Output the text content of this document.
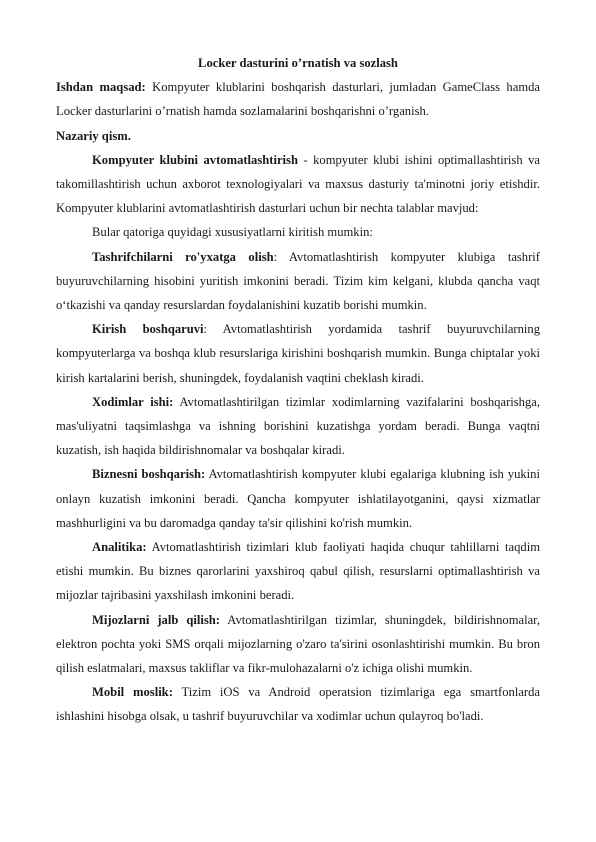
Locker dasturini o’rnatish va sozlash

Ishdan maqsad: Kompyuter klublarini boshqarish dasturlari, jumladan GameClass hamda Locker dasturlarini o’rnatish hamda sozlamalarini boshqarishni o’rganish.

Nazariy qism.

Kompyuter klubini avtomatlashtirish - kompyuter klubi ishini optimallashtirish va takomillashtirish uchun axborot texnologiyalari va maxsus dasturiy ta'minotni joriy etishdir. Kompyuter klublarini avtomatlashtirish dasturlari uchun bir nechta talablar mavjud:

Bular qatoriga quyidagi xususiyatlarni kiritish mumkin:

Tashrifchilarni ro'yxatga olish: Avtomatlashtirish kompyuter klubiga tashrif buyuruvchilarning hisobini yuritish imkonini beradi. Tizim kim kelgani, klubda qancha vaqt o‘tkazishi va qanday resurslardan foydalanishini kuzatib borishi mumkin.

Kirish boshqaruvi: Avtomatlashtirish yordamida tashrif buyuruvchilarning kompyuterlarga va boshqa klub resurslariga kirishini boshqarish mumkin. Bunga chiptalar yoki kirish kartalarini berish, shuningdek, foydalanish vaqtini cheklash kiradi.

Xodimlar ishi: Avtomatlashtirilgan tizimlar xodimlarning vazifalarini boshqarishga, mas'uliyatni taqsimlashga va ishning borishini kuzatishga yordam beradi. Bunga vaqtni kuzatish, ish haqida bildirishnomalar va boshqalar kiradi.

Biznesni boshqarish: Avtomatlashtirish kompyuter klubi egalariga klubning ish yukini onlayn kuzatish imkonini beradi. Qancha kompyuter ishlatilayotganini, qaysi xizmatlar mashhurligini va bu daromadga qanday ta'sir qilishini ko'rish mumkin.

Analitika: Avtomatlashtirish tizimlari klub faoliyati haqida chuqur tahlillarni taqdim etishi mumkin. Bu biznes qarorlarini yaxshiroq qabul qilish, resurslarni optimallashtirish va mijozlar tajribasini yaxshilash imkonini beradi.

Mijozlarni jalb qilish: Avtomatlashtirilgan tizimlar, shuningdek, bildirishnomalar, elektron pochta yoki SMS orqali mijozlarning o'zaro ta'sirini osonlashtirishi mumkin. Bu bron qilish eslatmalari, maxsus takliflar va fikr-mulohazalarni o'z ichiga olishi mumkin.

Mobil moslik: Tizim iOS va Android operatsion tizimlariga ega smartfonlarda ishlashini hisobga olsak, u tashrif buyuruvchilar va xodimlar uchun qulayroq bo'ladi.
